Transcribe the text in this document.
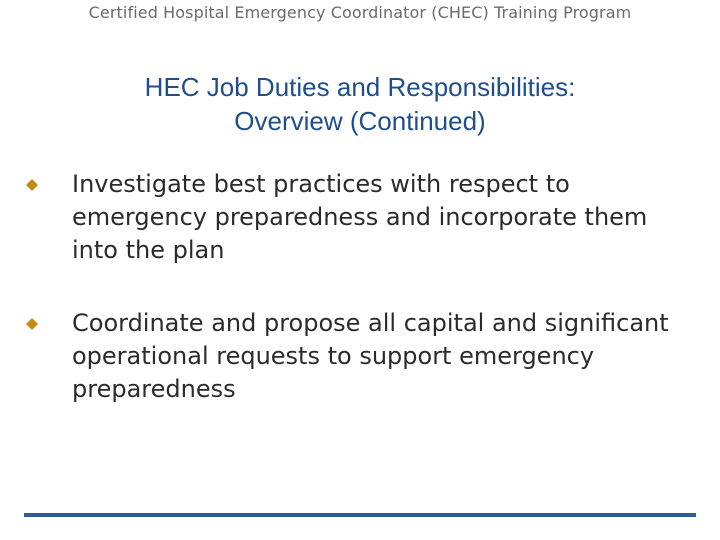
Certified Hospital Emergency Coordinator (CHEC) Training Program
HEC Job Duties and Responsibilities:
Overview (Continued)
Investigate best practices with respect to emergency preparedness and incorporate them into the plan
Coordinate and propose all capital and significant operational requests to support emergency preparedness
